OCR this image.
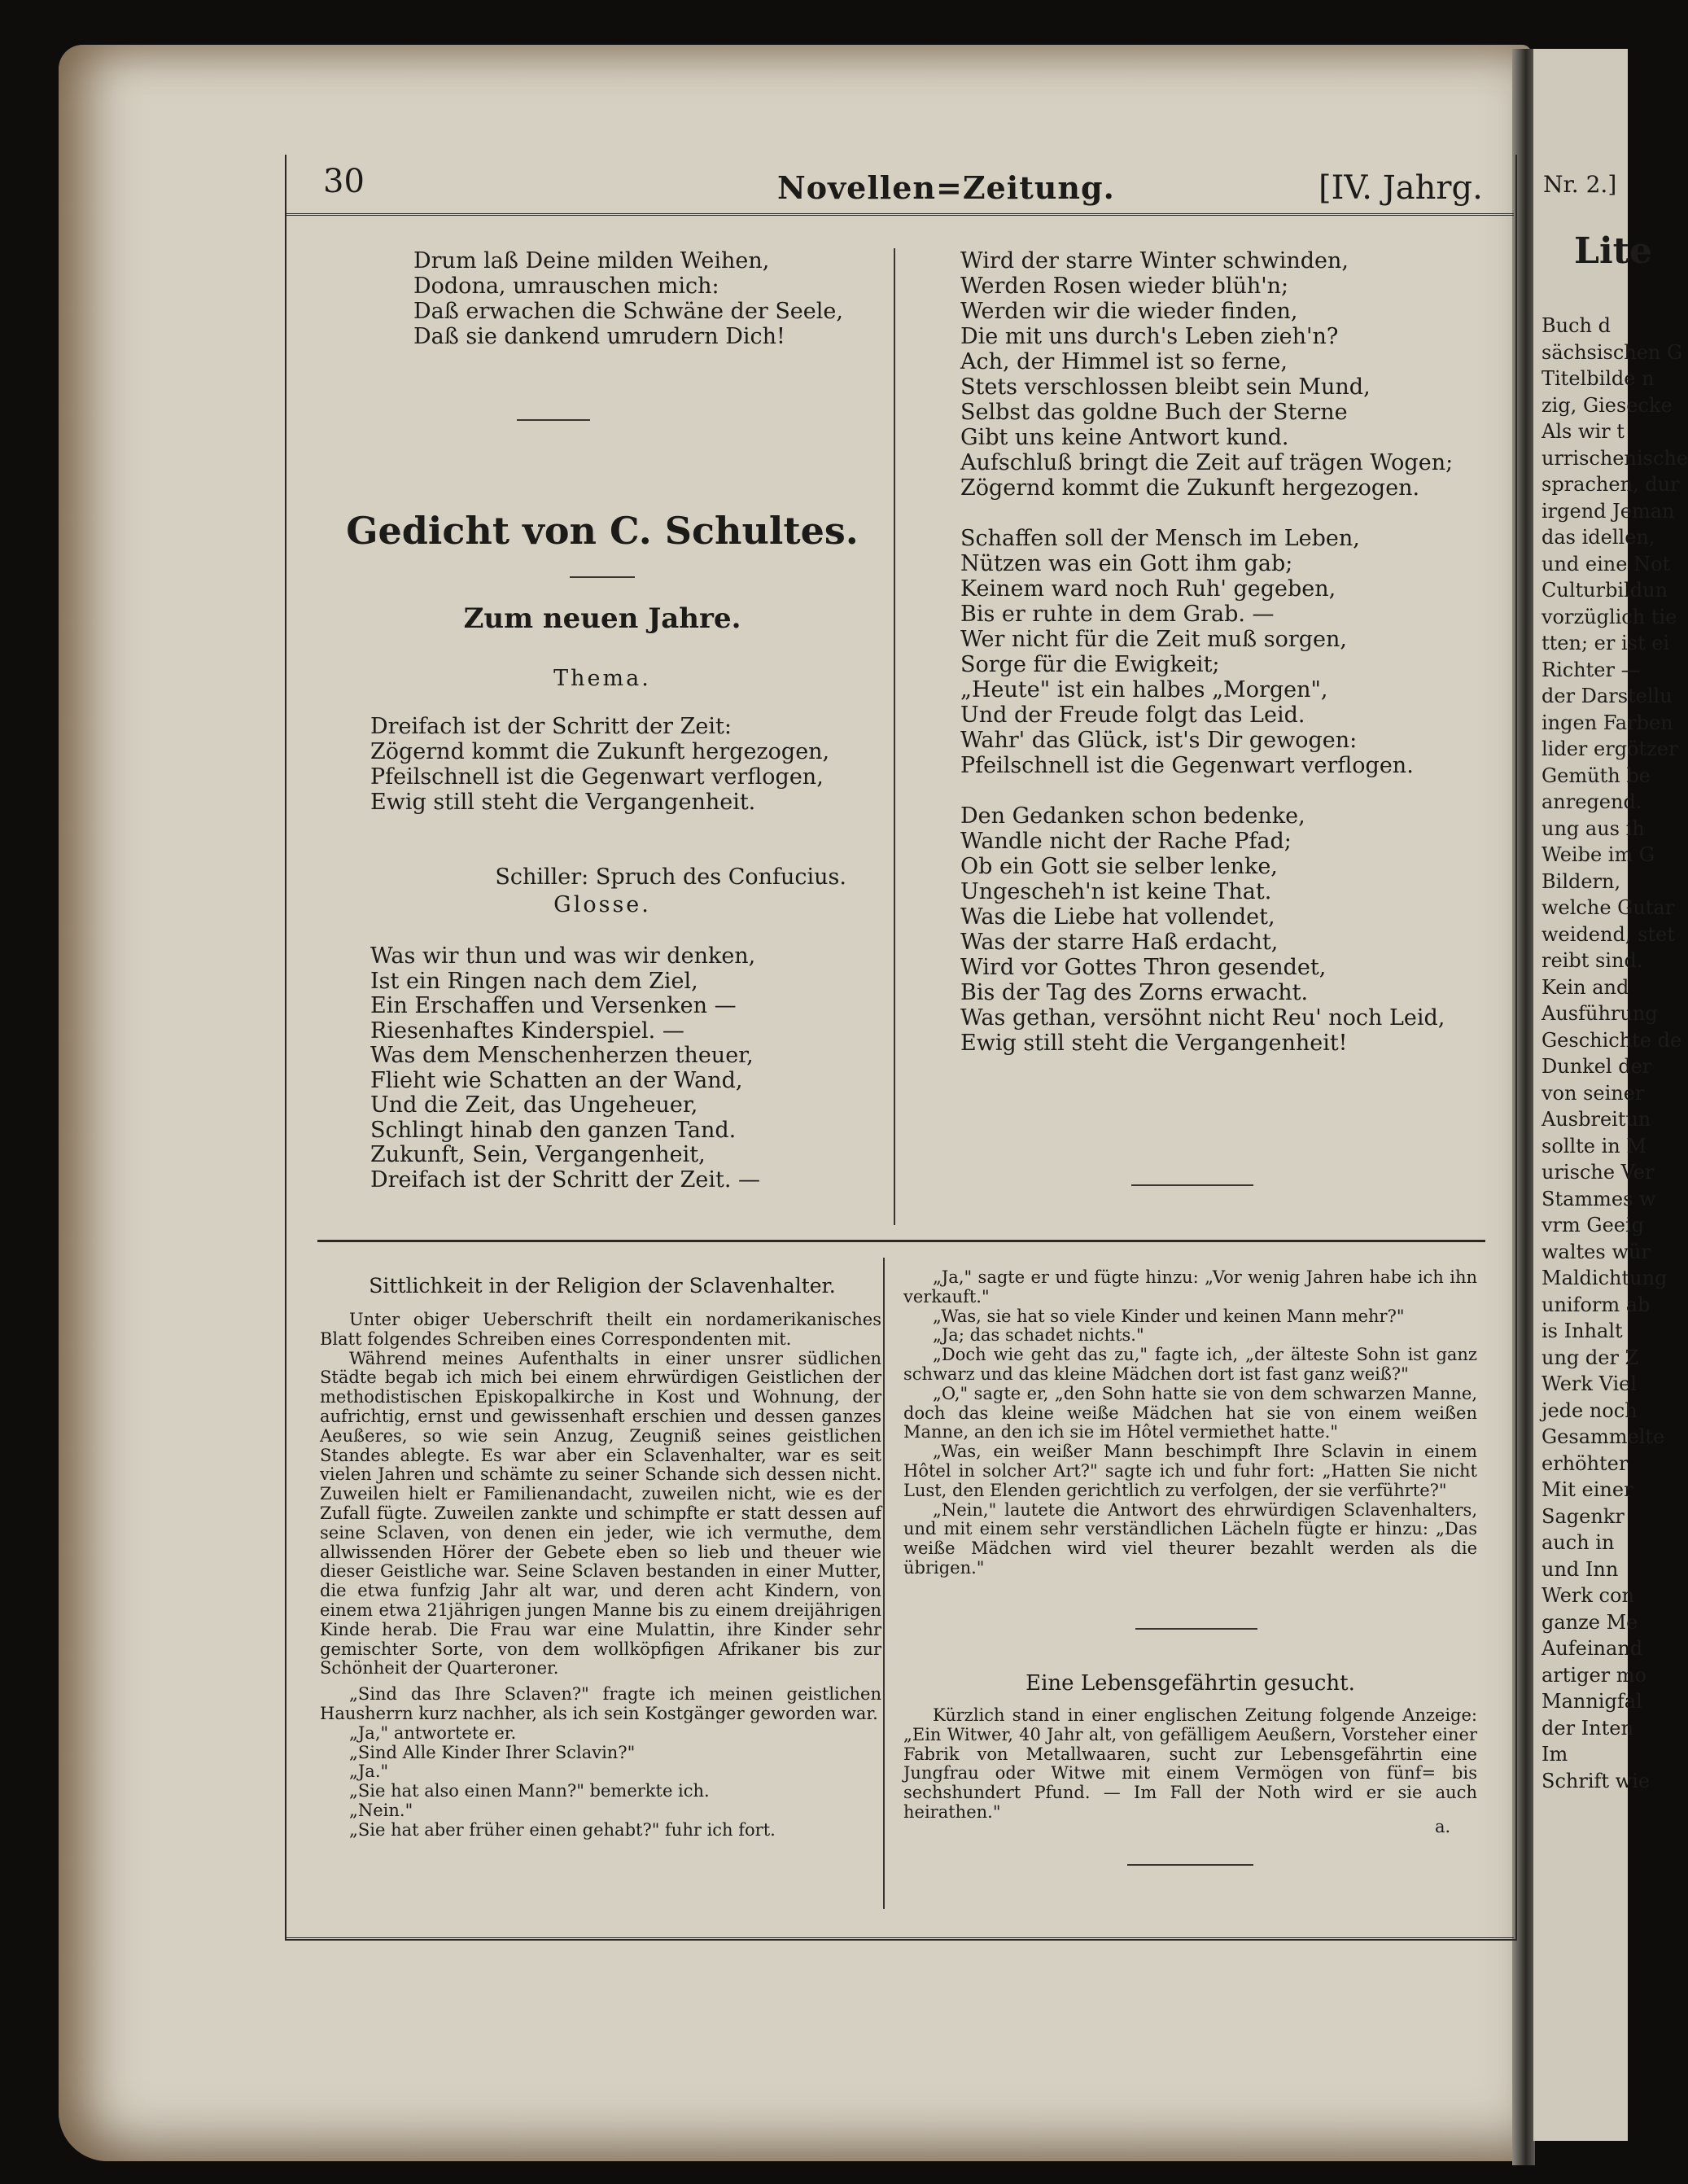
Nr. 2.]
Lite
Buch d
sächsischen G
Titelbilde n
zig, Giesecke
Als wir t
urrischenische
sprachen, dur
irgend Jeman
das idellen,
und eine Not
Culturbildun
vorzüglich tie
tten; er ist ei
Richter —
der Darstellu
ingen Farben
lider ergötzer
Gemüth be
anregend.
ung aus ih
Weibe im G
Bildern,
welche Gutar
weidend, stet
reibt sind.
Kein and
Ausführung
Geschichte de
Dunkel der
von seiner
Ausbreitun
sollte in M
urische Ver
Stammes w
vrm Geeig
waltes wür
Maldichtung
uniform ab
is Inhalt
ung der Z
Werk Viel
jede noch
Gesammelte
erhöhter
Mit einer
Sagenkr
auch in
und Inn
Werk con
ganze Me
Aufeinand
artiger mo
Mannigfal
der Inten
Im
Schrift wie
30	Novellen=Zeitung.	[IV. Jahrg.
Drum laß Deine milden Weihen,
Dodona, umrauschen mich:
Daß erwachen die Schwäne der Seele,
Daß sie dankend umrudern Dich!
Gedicht von C. Schultes.
Zum neuen Jahre.
Thema.
Dreifach ist der Schritt der Zeit:
Zögernd kommt die Zukunft hergezogen,
Pfeilschnell ist die Gegenwart verflogen,
Ewig still steht die Vergangenheit.
Schiller: Spruch des Confucius.
Glosse.
Was wir thun und was wir denken,
Ist ein Ringen nach dem Ziel,
Ein Erschaffen und Versenken —
Riesenhaftes Kinderspiel. —
Was dem Menschenherzen theuer,
Flieht wie Schatten an der Wand,
Und die Zeit, das Ungeheuer,
Schlingt hinab den ganzen Tand.
Zukunft, Sein, Vergangenheit,
Dreifach ist der Schritt der Zeit. —
Wird der starre Winter schwinden,
Werden Rosen wieder blüh'n;
Werden wir die wieder finden,
Die mit uns durch's Leben zieh'n?
Ach, der Himmel ist so ferne,
Stets verschlossen bleibt sein Mund,
Selbst das goldne Buch der Sterne
Gibt uns keine Antwort kund.
Aufschluß bringt die Zeit auf trägen Wogen;
Zögernd kommt die Zukunft hergezogen.
Schaffen soll der Mensch im Leben,
Nützen was ein Gott ihm gab;
Keinem ward noch Ruh' gegeben,
Bis er ruhte in dem Grab. —
Wer nicht für die Zeit muß sorgen,
Sorge für die Ewigkeit;
„Heute" ist ein halbes „Morgen",
Und der Freude folgt das Leid.
Wahr' das Glück, ist's Dir gewogen:
Pfeilschnell ist die Gegenwart verflogen.
Den Gedanken schon bedenke,
Wandle nicht der Rache Pfad;
Ob ein Gott sie selber lenke,
Ungescheh'n ist keine That.
Was die Liebe hat vollendet,
Was der starre Haß erdacht,
Wird vor Gottes Thron gesendet,
Bis der Tag des Zorns erwacht.
Was gethan, versöhnt nicht Reu' noch Leid,
Ewig still steht die Vergangenheit!
Sittlichkeit in der Religion der Sclavenhalter.

Unter obiger Ueberschrift theilt ein nordamerikanisches Blatt folgendes Schreiben eines Correspondenten mit.

Während meines Aufenthalts in einer unsrer südlichen Städte begab ich mich bei einem ehrwürdigen Geistlichen der methodistischen Episkopalkirche in Kost und Wohnung, der aufrichtig, ernst und gewissenhaft erschien und dessen ganzes Aeußeres, so wie sein Anzug, Zeugniß seines geistlichen Standes ablegte. Es war aber ein Sclavenhalter, war es seit vielen Jahren und schämte zu seiner Schande sich dessen nicht. Zuweilen hielt er Familienandacht, zuweilen nicht, wie es der Zufall fügte. Zuweilen zankte und schimpfte er statt dessen auf seine Sclaven, von denen ein jeder, wie ich vermuthe, dem allwissenden Hörer der Gebete eben so lieb und theuer wie dieser Geistliche war. Seine Sclaven bestanden in einer Mutter, die etwa funfzig Jahr alt war, und deren acht Kindern, von einem etwa 21jährigen jungen Manne bis zu einem dreijährigen Kinde herab. Die Frau war eine Mulattin, ihre Kinder sehr gemischter Sorte, von dem wollköpfigen Afrikaner bis zur Schönheit der Quarteroner.

„Sind das Ihre Sclaven?" fragte ich meinen geistlichen Hausherrn kurz nachher, als ich sein Kostgänger geworden war.

„Ja," antwortete er.

„Sind Alle Kinder Ihrer Sclavin?"

„Ja."

„Sie hat also einen Mann?" bemerkte ich.

„Nein."

„Sie hat aber früher einen gehabt?" fuhr ich fort.

„Ja," sagte er und fügte hinzu: „Vor wenig Jahren habe ich ihn verkauft."

„Was, sie hat so viele Kinder und keinen Mann mehr?"

„Ja; das schadet nichts."

„Doch wie geht das zu," fagte ich, „der älteste Sohn ist ganz schwarz und das kleine Mädchen dort ist fast ganz weiß?"

„O," sagte er, „den Sohn hatte sie von dem schwarzen Manne, doch das kleine weiße Mädchen hat sie von einem weißen Manne, an den ich sie im Hôtel vermiethet hatte."

„Was, ein weißer Mann beschimpft Ihre Sclavin in einem Hôtel in solcher Art?" sagte ich und fuhr fort: „Hatten Sie nicht Lust, den Elenden gerichtlich zu verfolgen, der sie verführte?"

„Nein," lautete die Antwort des ehrwürdigen Sclavenhalters, und mit einem sehr verständlichen Lächeln fügte er hinzu: „Das weiße Mädchen wird viel theurer bezahlt werden als die übrigen."

Eine Lebensgefährtin gesucht.

Kürzlich stand in einer englischen Zeitung folgende Anzeige: „Ein Witwer, 40 Jahr alt, von gefälligem Aeußern, Vorsteher einer Fabrik von Metallwaaren, sucht zur Lebensgefährtin eine Jungfrau oder Witwe mit einem Vermögen von fünf= bis sechshundert Pfund. — Im Fall der Noth wird er sie auch heirathen."

a.
